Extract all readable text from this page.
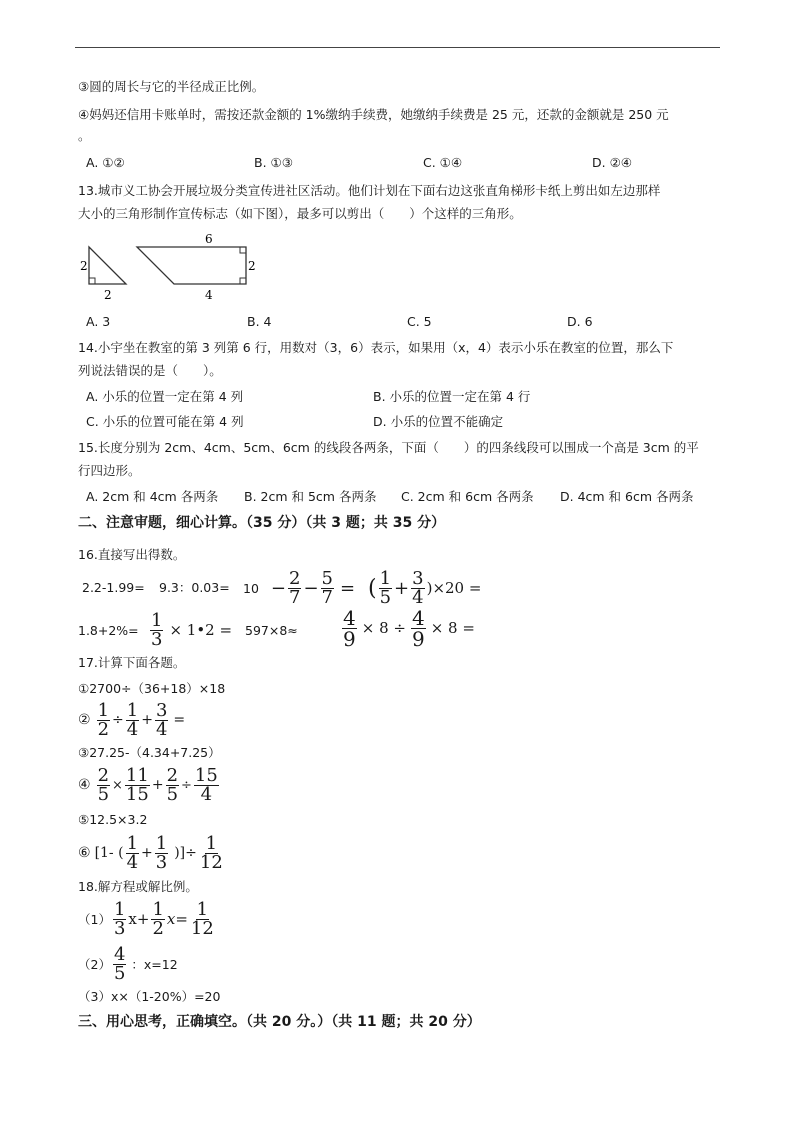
③圆的周长与它的半径成正比例。
④妈妈还信用卡账单时，需按还款金额的 1%缴纳手续费，她缴纳手续费是 25 元，还款的金额就是 250 元
。
A. ①②	B. ①③	C. ①④	D. ②④
13.城市义工协会开展垃圾分类宣传进社区活动。他们计划在下面右边这张直角梯形卡纸上剪出如左边那样
大小的三角形制作宣传标志（如下图），最多可以剪出（　　）个这样的三角形。
2
2
6
2
4
A. 3	B. 4	C. 5	D. 6
14.小宇坐在教室的第 3 列第 6 行，用数对（3，6）表示，如果用（x，4）表示小乐在教室的位置，那么下
列说法错误的是（　　）。
A. 小乐的位置一定在第 4 列	B. 小乐的位置一定在第 4 行
C. 小乐的位置可能在第 4 列	D. 小乐的位置不能确定
15.长度分别为 2cm、4cm、5cm、6cm 的线段各两条，下面（　　）的四条线段可以围成一个高是 3cm 的平
行四边形。
A. 2cm 和 4cm 各两条 B. 2cm 和 5cm 各两条 C. 2cm 和 6cm 各两条 D. 4cm 和 6cm 各两条
二、注意审题，细心计算。（35 分）（共 3 题；共 35 分）
16.直接写出得数。
2.2-1.99= 9.3：$0.03= 10 - \frac{2}{7} - \frac{5}{7}$ = ( $\frac{1}{5} + \frac{3}{4} )\times 20$ =
$1.8+2\%= \frac{1}{3}$ × 1•2 = $597\times 8\approx \frac{4}{9} \times 8 \div \frac{4}{9} \times 8$ =
17.计算下面各题。
①2700÷（36+18）×18
② $\frac{1}{2} \div \frac{1}{4} + \frac{3}{4}$ =
③27.25-（4.34+7.25）
④ $\frac{2}{5} \times \frac{11}{15} + \frac{2}{5} \div \frac{15}{4}$
⑤12.5×3.2
⑥ [1- ( $\frac{1}{4} + \frac{1}{3}$ )]÷ $\frac{1}{12}$
18.解方程或解比例。
$(1) \frac{1}{3} x+ \frac{1}{2} x= \frac{1}{12}$
$(2) \frac{4}{5}$ ：x=12
（3）x×（1-20%）=20
三、用心思考，正确填空。（共 20 分。）（共 11 题；共 20 分）
